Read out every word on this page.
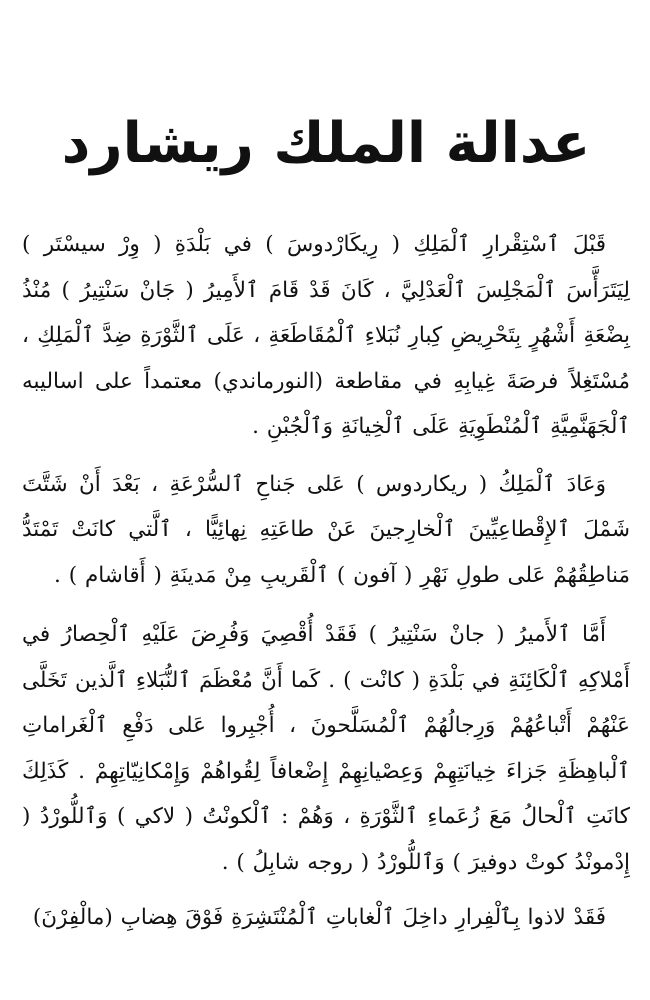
عدالة الملك ريشارد

قَبْلَ ٱسْتِقْرارِ ٱلْمَلِكِ ( رِيكَارْدوسَ ) في بَلْدَةِ ( وِرْ سيسْتَر ) لِيَتَرَأَّسَ ٱلْمَجْلِسَ ٱلْعَدْلِيَّ ، كَانَ قَدْ قَامَ ٱلأَمِيرُ ( جَانْ سَنْتِيرُ ) مُنْذُ بِضْعَةِ أَشْهُرٍ بِتَحْرِيضِ كِبارِ نُبَلاءِ ٱلْمُقَاطَعَةِ ، عَلَى ٱلثَّوْرَةِ ضِدَّ ٱلْمَلِكِ ، مُسْتَغِلاً فرصَةَ غِيابِهِ في مقاطعة (النورماندي) معتمداً على اساليبه ٱلْجَهَنَّمِيَّةِ ٱلْمُنْطَوِيَةِ عَلَى ٱلْخِيانَةِ وَٱلْجُبْنِ .

وَعَادَ ٱلْمَلِكُ ( ريكاردوس ) عَلى جَناحِ ٱلسُّرْعَةِ ، بَعْدَ أَنْ شَتَّتَ شَمْلَ ٱلإِقْطاعِيِّينَ ٱلْخارِجينَ عَنْ طاعَتِهِ نِهائِيًّا ، ٱلَّتي كانَتْ تَمْتَدُّ مَناطِقُهُمْ عَلى طولِ نَهْرِ ( آفون ) ٱلْقَريبِ مِنْ مَدينَةِ ( أَقاشام ) .

أَمَّا ٱلأَميرُ ( جانْ سَنْتِيرُ ) فَقَدْ أُقْصِيَ وَفُرِضَ عَلَيْهِ ٱلْحِصارُ في أَمْلاكِهِ ٱلْكَائِنَةِ في بَلْدَةِ ( كانْت ) . كَما أَنَّ مُعْظَمَ ٱلنُّبَلاءِ ٱلَّذين تَخَلَّى عَنْهُمْ أَتْباعُهُمْ وَرِجالُهُمْ ٱلْمُسَلَّحونَ ، أُجْبِروا عَلى دَفْعِ ٱلْغَراماتِ ٱلْباهِظَةِ جَزاءَ خِيانَتِهِمْ وَعِصْيانِهِمْ إِضْعافاً لِقُواهُمْ وَإِمْكانِيّاتِهِمْ . كَذَلِكَ كانَتِ ٱلْحالُ مَعَ زُعَماءِ ٱلثَّوْرَةِ ، وَهُمْ : ٱلْكونْتُ ( لاكي ) وَٱللُّورْدُ ( إِدْمونْدُ كوتْ دوفيرَ ) وَٱللُّورْدُ ( روجه شابِلُ ) .

فَقَدْ لاذوا بِٱلْفِرارِ داخِلَ ٱلْغاباتِ ٱلْمُنْتَشِرَةِ فَوْقَ هِضابِ (مالْفِرْنَ)
